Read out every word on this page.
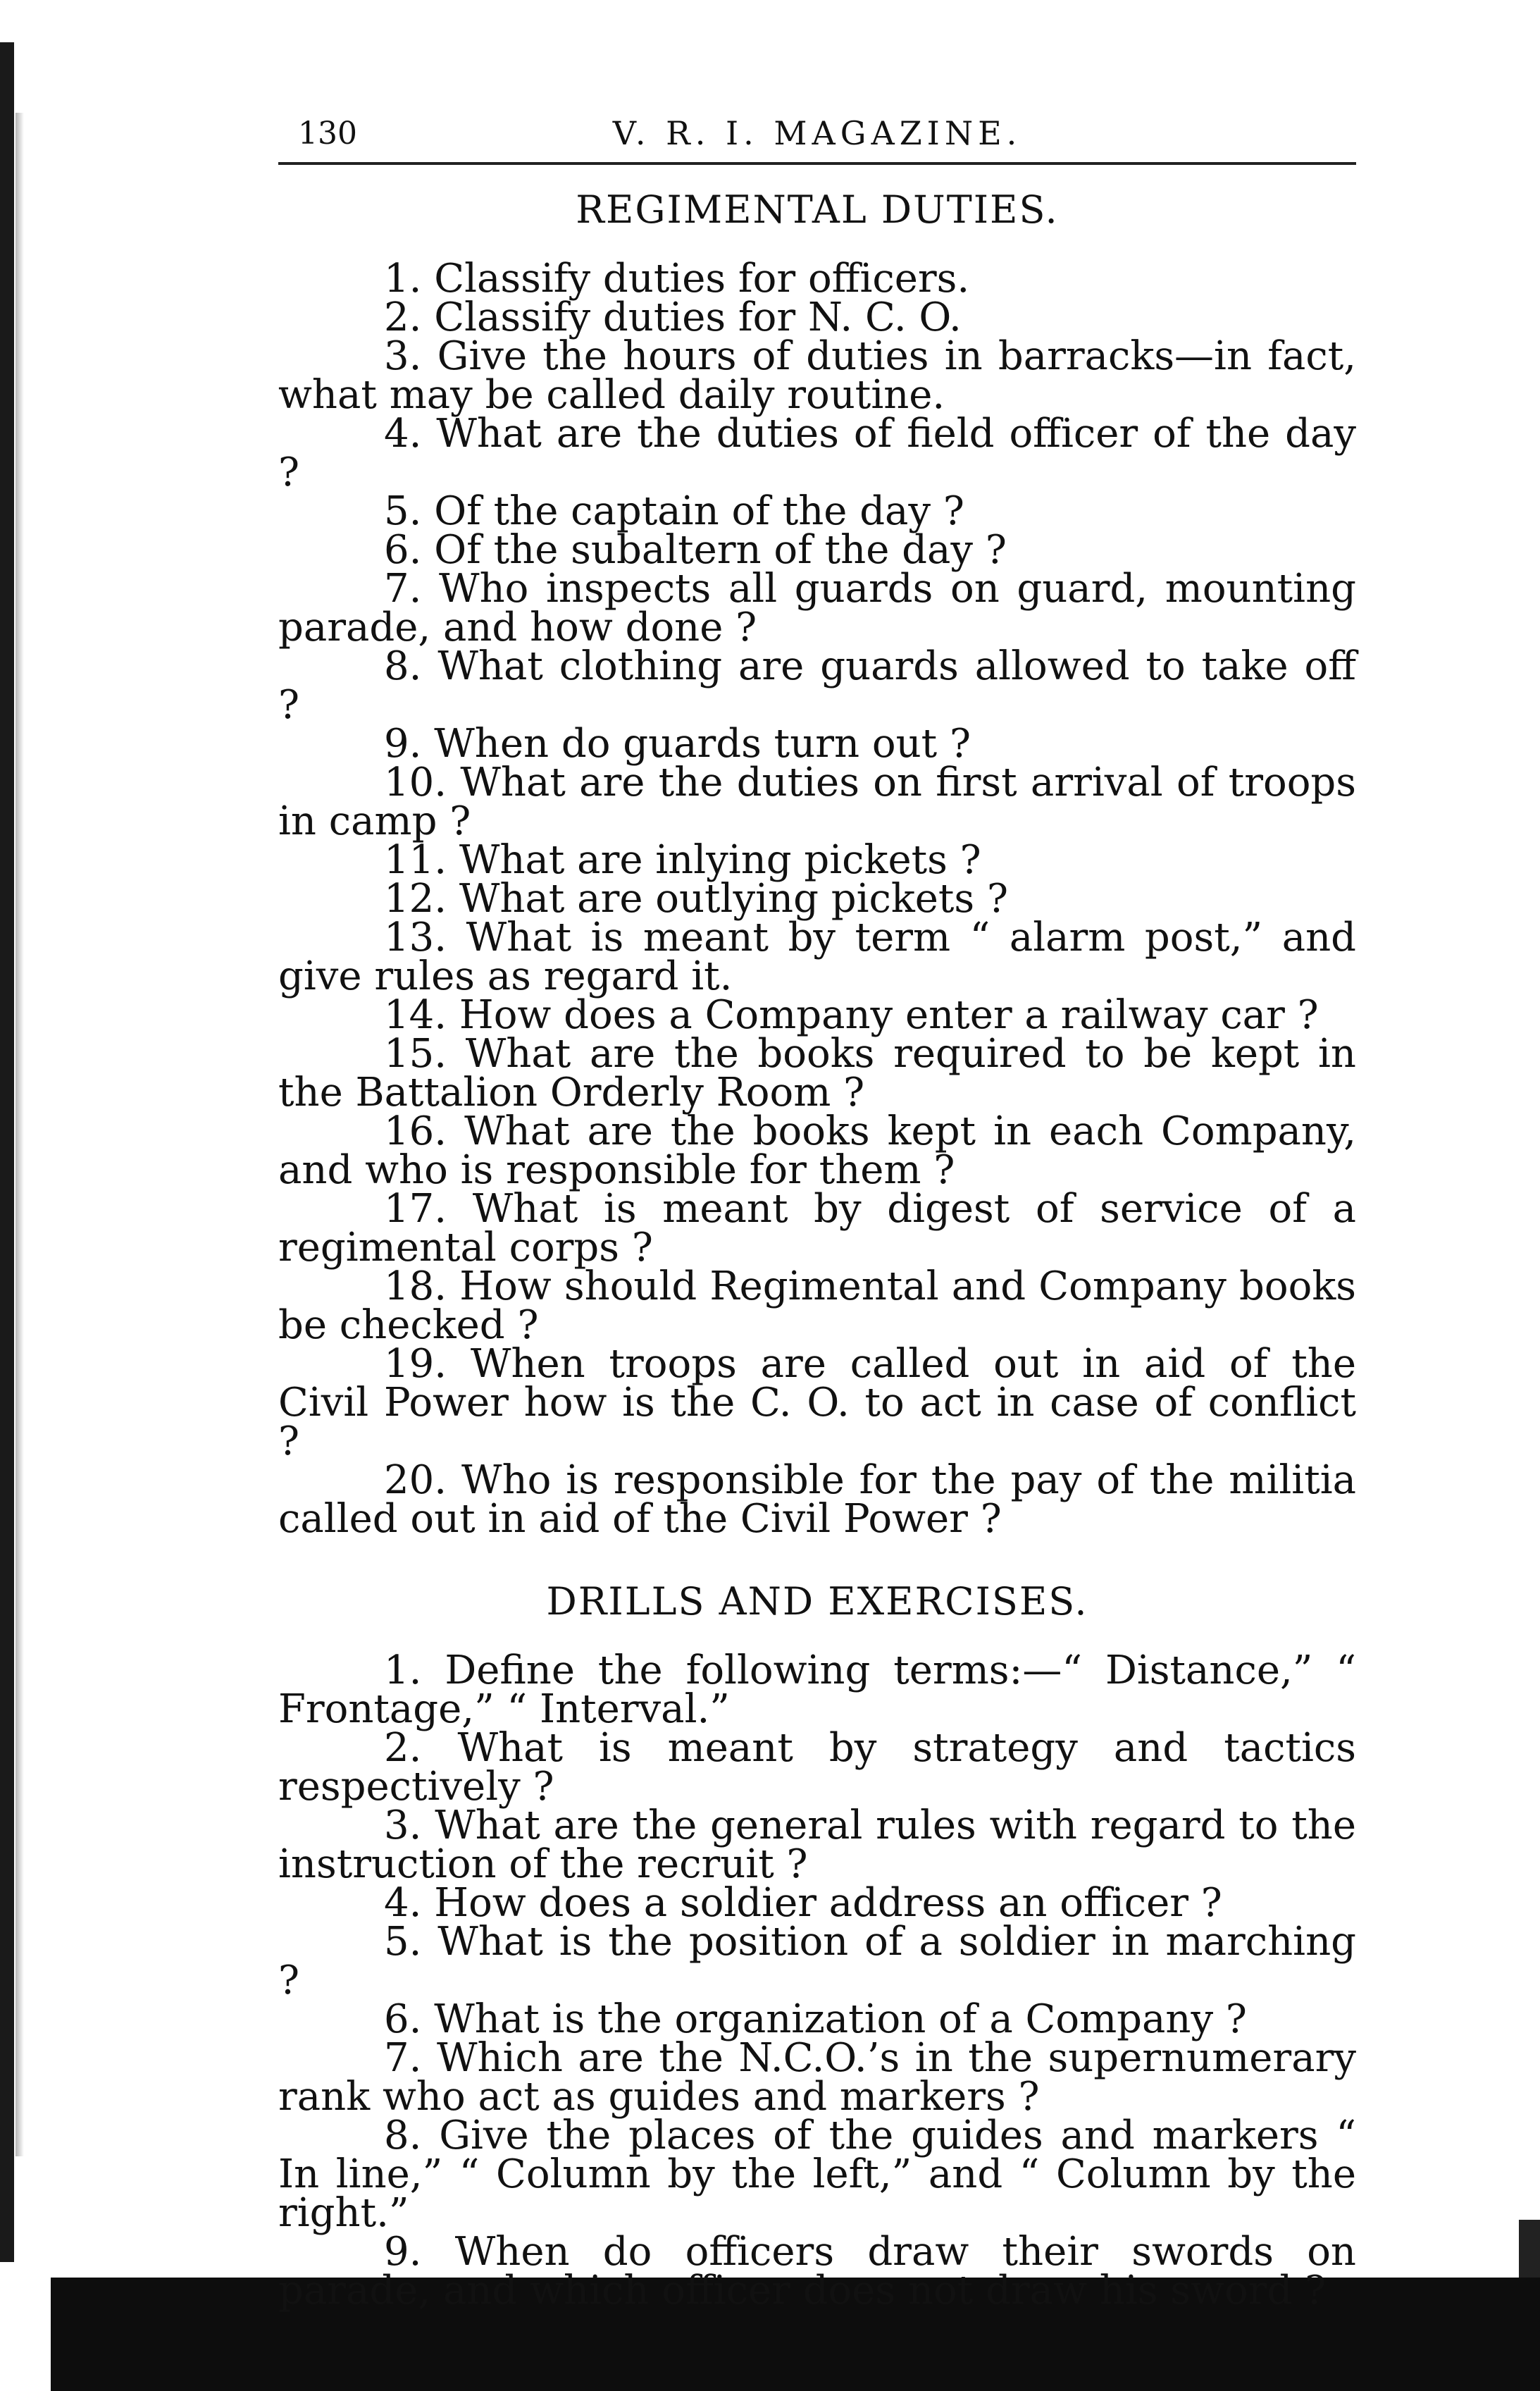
130	V. R. I. MAGAZINE.
REGIMENTAL DUTIES.

1. Classify duties for officers.

2. Classify duties for N. C. O.

3. Give the hours of duties in barracks—in fact, what may be called daily routine.

4. What are the duties of field officer of the day ?

5. Of the captain of the day ?

6. Of the subaltern of the day ?

7. Who inspects all guards on guard, mounting parade, and how done ?

8. What clothing are guards allowed to take off ?

9. When do guards turn out ?

10. What are the duties on first arrival of troops in camp ?

11. What are inlying pickets ?

12. What are outlying pickets ?

13. What is meant by term “ alarm post,” and give rules as regard it.

14. How does a Company enter a railway car ?

15. What are the books required to be kept in the Battalion Orderly Room ?

16. What are the books kept in each Company, and who is responsible for them ?

17. What is meant by digest of service of a regimental corps ?

18. How should Regimental and Company books be checked ?

19. When troops are called out in aid of the Civil Power how is the C. O. to act in case of conflict ?

20. Who is responsible for the pay of the militia called out in aid of the Civil Power ?

DRILLS AND EXERCISES.

1. Define the following terms:—“ Distance,” “ Frontage,” “ Interval.”

2. What is meant by strategy and tactics respectively ?

3. What are the general rules with regard to the instruction of the recruit ?

4. How does a soldier address an officer ?

5. What is the position of a soldier in marching ?

6. What is the organization of a Company ?

7. Which are the N.C.O.’s in the supernumerary rank who act as guides and markers ?

8. Give the places of the guides and markers “ In line,” “ Column by the left,” and “ Column by the right.”

9. When do officers draw their swords on parade, and which officer does not draw his sword ?
